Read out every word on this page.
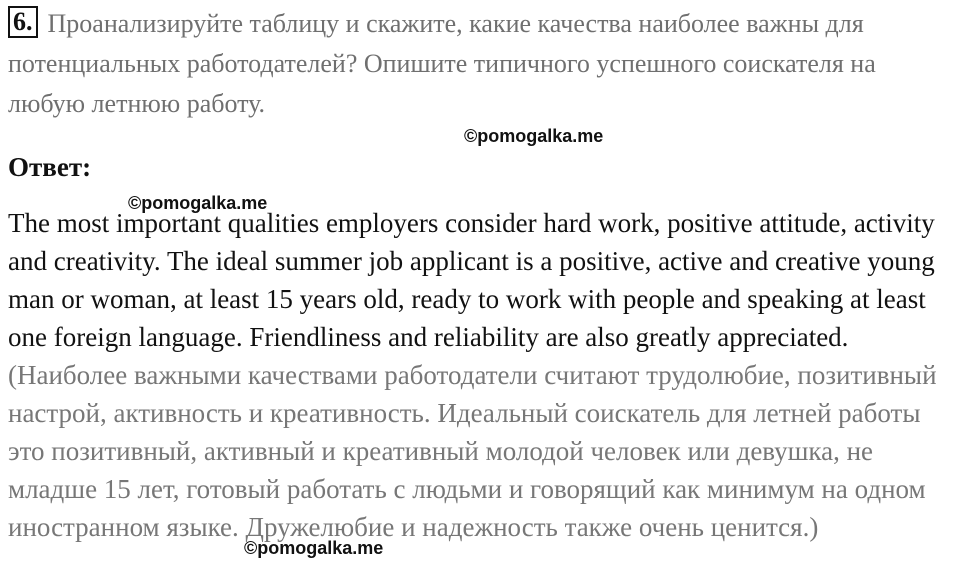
6. Проанализируйте таблицу и скажите, какие качества наиболее важны для потенциальных работодателей? Опишите типичного успешного соискателя на любую летнюю работу.

©pomogalka.me
Ответ:
©pomogalka.me

The most important qualities employers consider hard work, positive attitude, activity and creativity. The ideal summer job applicant is a positive, active and creative young man or woman, at least 15 years old, ready to work with people and speaking at least one foreign language. Friendliness and reliability are also greatly appreciated. (Наиболее важными качествами работодатели считают трудолюбие, позитивный настрой, активность и креативность. Идеальный соискатель для летней работы это позитивный, активный и креативный молодой человек или девушка, не младше 15 лет, готовый работать с людьми и говорящий как минимум на одном иностранном языке. Дружелюбие и надежность также очень ценится.)

©pomogalka.me
